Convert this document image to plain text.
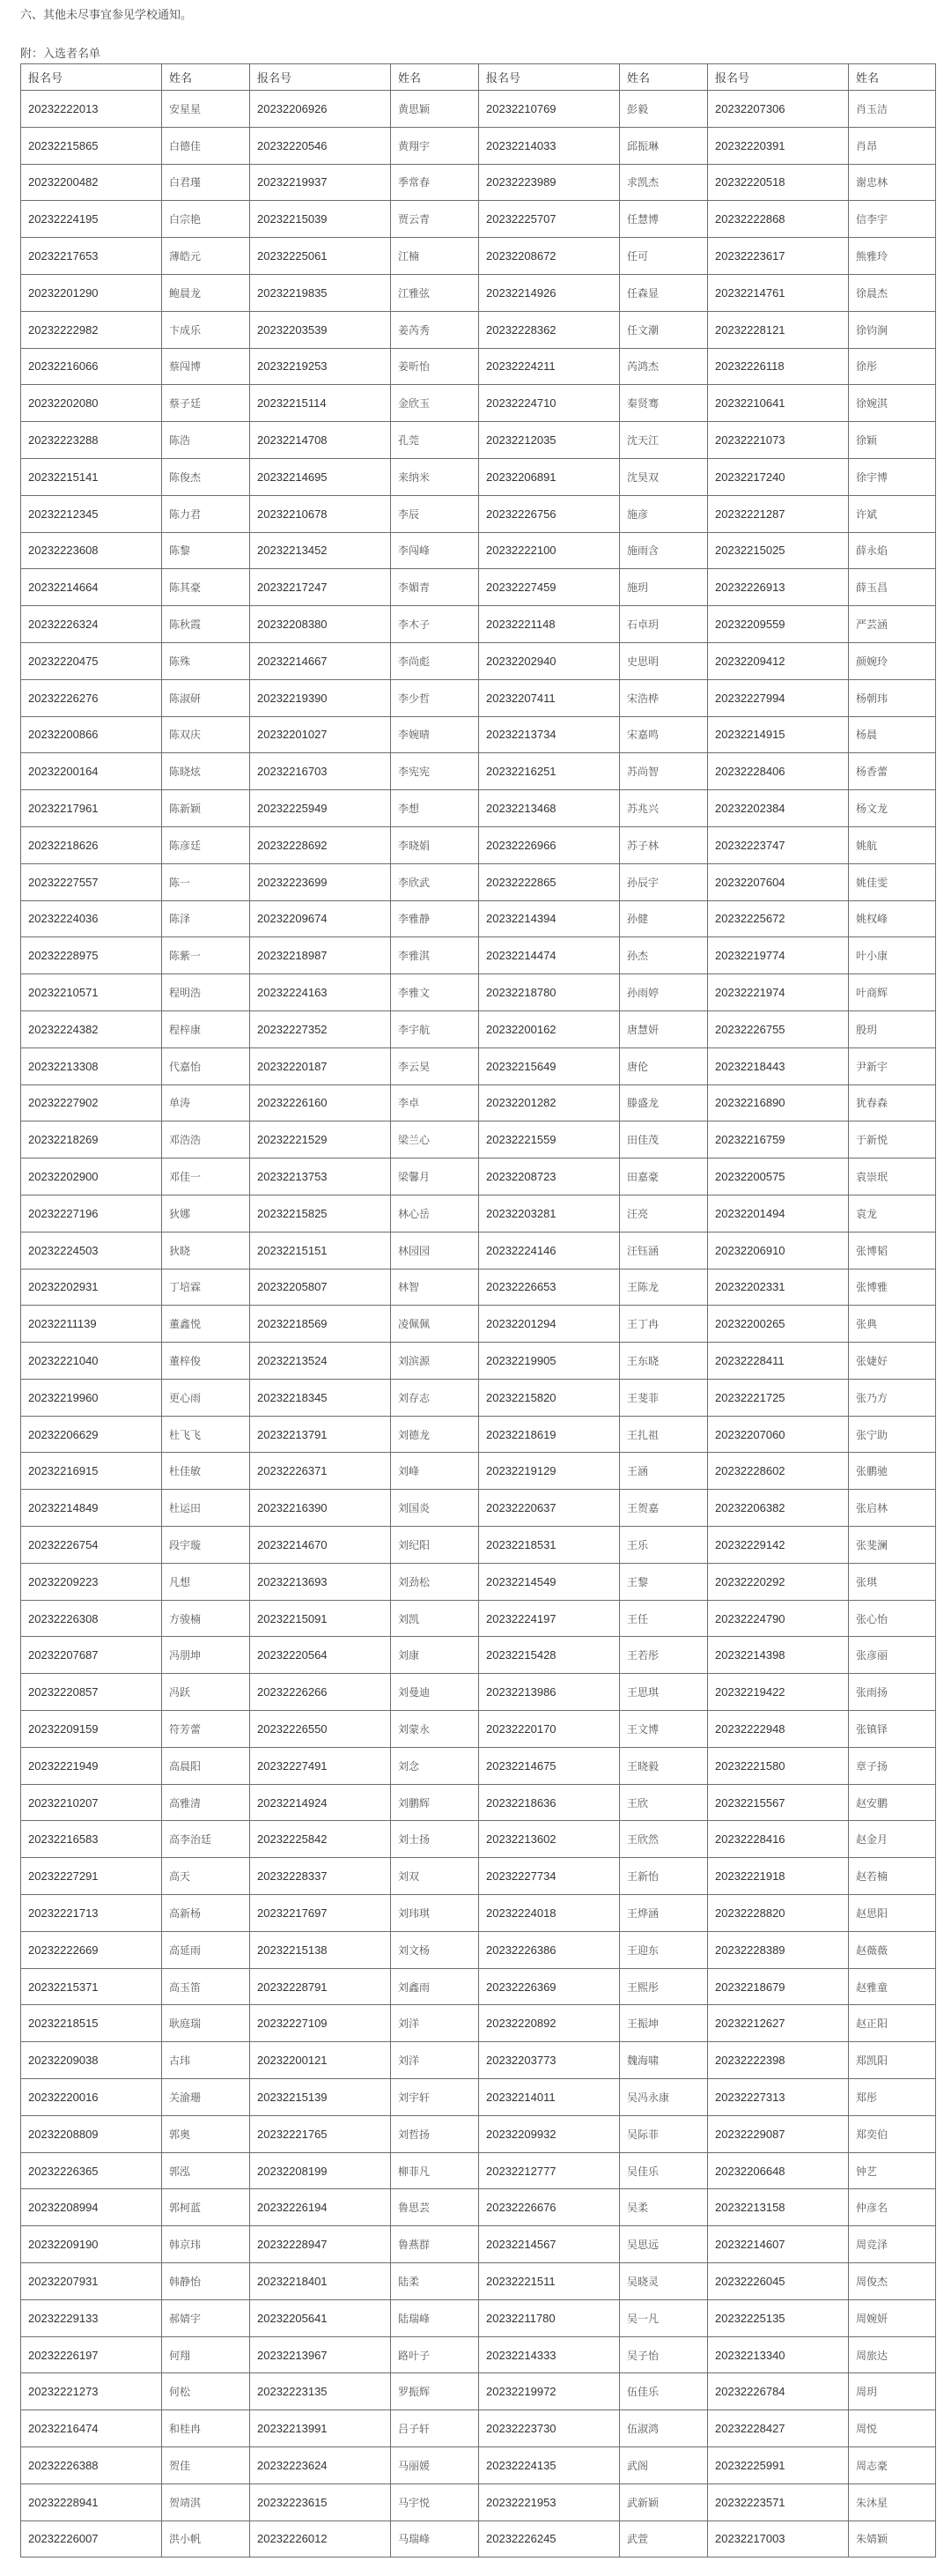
六、其他未尽事宜参见学校通知。
附：入选者名单
报名号	姓名	报名号	姓名	报名号	姓名	报名号	姓名
20232222013	安星星	20232206926	黄思颖	20232210769	彭毅	20232207306	肖玉洁
20232215865	白德佳	20232220546	黄翔宇	20232214033	邱振琳	20232220391	肖昂
20232200482	白君瑾	20232219937	季常春	20232223989	求凯杰	20232220518	谢忠林
20232224195	白宗艳	20232215039	贾云青	20232225707	任慧博	20232222868	信李宇
20232217653	薄皓元	20232225061	江楠	20232208672	任可	20232223617	熊雅玲
20232201290	鲍晨龙	20232219835	江雅弦	20232214926	任森显	20232214761	徐晨杰
20232222982	卞成乐	20232203539	姜芮秀	20232228362	任文潮	20232228121	徐钧涧
20232216066	蔡闯博	20232219253	姜昕怡	20232224211	芮鸿杰	20232226118	徐彤
20232202080	蔡子廷	20232215114	金欣玉	20232224710	秦贤骞	20232210641	徐婉淇
20232223288	陈浩	20232214708	孔莞	20232212035	沈天江	20232221073	徐颖
20232215141	陈俊杰	20232214695	来纳米	20232206891	沈昊双	20232217240	徐宇博
20232212345	陈力君	20232210678	李辰	20232226756	施彦	20232221287	许斌
20232223608	陈黎	20232213452	李闯峰	20232222100	施雨含	20232215025	薛永焰
20232214664	陈其豪	20232217247	李媚青	20232227459	施玥	20232226913	薛玉昌
20232226324	陈秋霞	20232208380	李木子	20232221148	石卓玥	20232209559	严芸涵
20232220475	陈殊	20232214667	李尚彪	20232202940	史思明	20232209412	颜婉玲
20232226276	陈淑研	20232219390	李少哲	20232207411	宋浩桦	20232227994	杨朝玮
20232200866	陈双庆	20232201027	李婉晴	20232213734	宋嘉鸣	20232214915	杨晨
20232200164	陈晓炫	20232216703	李宪宪	20232216251	苏尚智	20232228406	杨香蕾
20232217961	陈新颖	20232225949	李想	20232213468	苏兆兴	20232202384	杨文龙
20232218626	陈彦廷	20232228692	李晓娟	20232226966	苏子林	20232223747	姚航
20232227557	陈一	20232223699	李欣武	20232222865	孙辰宇	20232207604	姚佳雯
20232224036	陈泽	20232209674	李雅静	20232214394	孙健	20232225672	姚权峰
20232228975	陈紫一	20232218987	李雅淇	20232214474	孙杰	20232219774	叶小康
20232210571	程明浩	20232224163	李雅文	20232218780	孙雨婷	20232221974	叶商辉
20232224382	程梓康	20232227352	李宇航	20232200162	唐慧妍	20232226755	殷玥
20232213308	代嘉怡	20232220187	李云昊	20232215649	唐伦	20232218443	尹新宇
20232227902	单涛	20232226160	李卓	20232201282	滕盛龙	20232216890	犹春森
20232218269	邓浩浩	20232221529	梁兰心	20232221559	田佳茂	20232216759	于新悦
20232202900	邓佳一	20232213753	梁馨月	20232208723	田嘉豪	20232200575	袁崇珉
20232227196	狄娜	20232215825	林心岳	20232203281	汪亮	20232201494	袁龙
20232224503	狄晓	20232215151	林园园	20232224146	汪钰涵	20232206910	张博韬
20232202931	丁培霖	20232205807	林智	20232226653	王陈龙	20232202331	张博雅
20232211139	董鑫悦	20232218569	凌佩佩	20232201294	王丁冉	20232200265	张典
20232221040	董梓俊	20232213524	刘滨源	20232219905	王东晓	20232228411	张婕好
20232219960	更心雨	20232218345	刘存志	20232215820	王斐菲	20232221725	张乃方
20232206629	杜飞飞	20232213791	刘德龙	20232218619	王扎祖	20232207060	张宁助
20232216915	杜佳敏	20232226371	刘峰	20232219129	王涵	20232228602	张鹏驰
20232214849	杜运田	20232216390	刘国炎	20232220637	王贺嘉	20232206382	张启林
20232226754	段宇璇	20232214670	刘纪阳	20232218531	王乐	20232229142	张斐澜
20232209223	凡想	20232213693	刘劲松	20232214549	王黎	20232220292	张琪
20232226308	方骏楠	20232215091	刘凯	20232224197	王任	20232224790	张心怡
20232207687	冯朋坤	20232220564	刘康	20232215428	王若彤	20232214398	张彦丽
20232220857	冯跃	20232226266	刘曼迪	20232213986	王思琪	20232219422	张雨扬
20232209159	符芳蕾	20232226550	刘蒙永	20232220170	王文博	20232222948	张镇铎
20232221949	高晨阳	20232227491	刘念	20232214675	王晓毅	20232221580	章子扬
20232210207	高雅清	20232214924	刘鹏辉	20232218636	王欣	20232215567	赵安鹏
20232216583	高李治廷	20232225842	刘士扬	20232213602	王欣然	20232228416	赵金月
20232227291	高天	20232228337	刘双	20232227734	王新怡	20232221918	赵若楠
20232221713	高新杨	20232217697	刘玮琪	20232224018	王烨涵	20232228820	赵思阳
20232222669	高延雨	20232215138	刘文杨	20232226386	王迎东	20232228389	赵薇薇
20232215371	高玉笛	20232228791	刘鑫雨	20232226369	王熙彤	20232218679	赵雅童
20232218515	耿庭瑞	20232227109	刘洋	20232220892	王振坤	20232212627	赵正阳
20232209038	古玮	20232200121	刘洋	20232203773	魏海啸	20232222398	郑凯阳
20232220016	关渝珊	20232215139	刘宇轩	20232214011	吴冯永康	20232227313	郑彤
20232208809	郭奥	20232221765	刘哲扬	20232209932	吴际菲	20232229087	郑奕伯
20232226365	郭泓	20232208199	柳菲凡	20232212777	吴佳乐	20232206648	钟艺
20232208994	郭柯蓝	20232226194	鲁思芸	20232226676	吴柔	20232213158	仲彦名
20232209190	韩京玮	20232228947	鲁燕群	20232214567	吴思远	20232214607	周竞泽
20232207931	韩静怡	20232218401	陆柔	20232221511	吴晓灵	20232226045	周俊杰
20232229133	郝婧宇	20232205641	陆瑞峰	20232211780	吴一凡	20232225135	周婉妍
20232226197	何翔	20232213967	路叶子	20232214333	吴子怡	20232213340	周旅达
20232221273	何松	20232223135	罗振辉	20232219972	伍佳乐	20232226784	周玥
20232216474	和桂冉	20232213991	吕子轩	20232223730	伍淑鸿	20232228427	周悦
20232226388	贺佳	20232223624	马丽媛	20232224135	武阁	20232225991	周志豪
20232228941	贺靖淇	20232223615	马宇悦	20232221953	武新颖	20232223571	朱沐星
20232226007	洪小帆	20232226012	马瑞峰	20232226245	武萱	20232217003	朱婧颖
